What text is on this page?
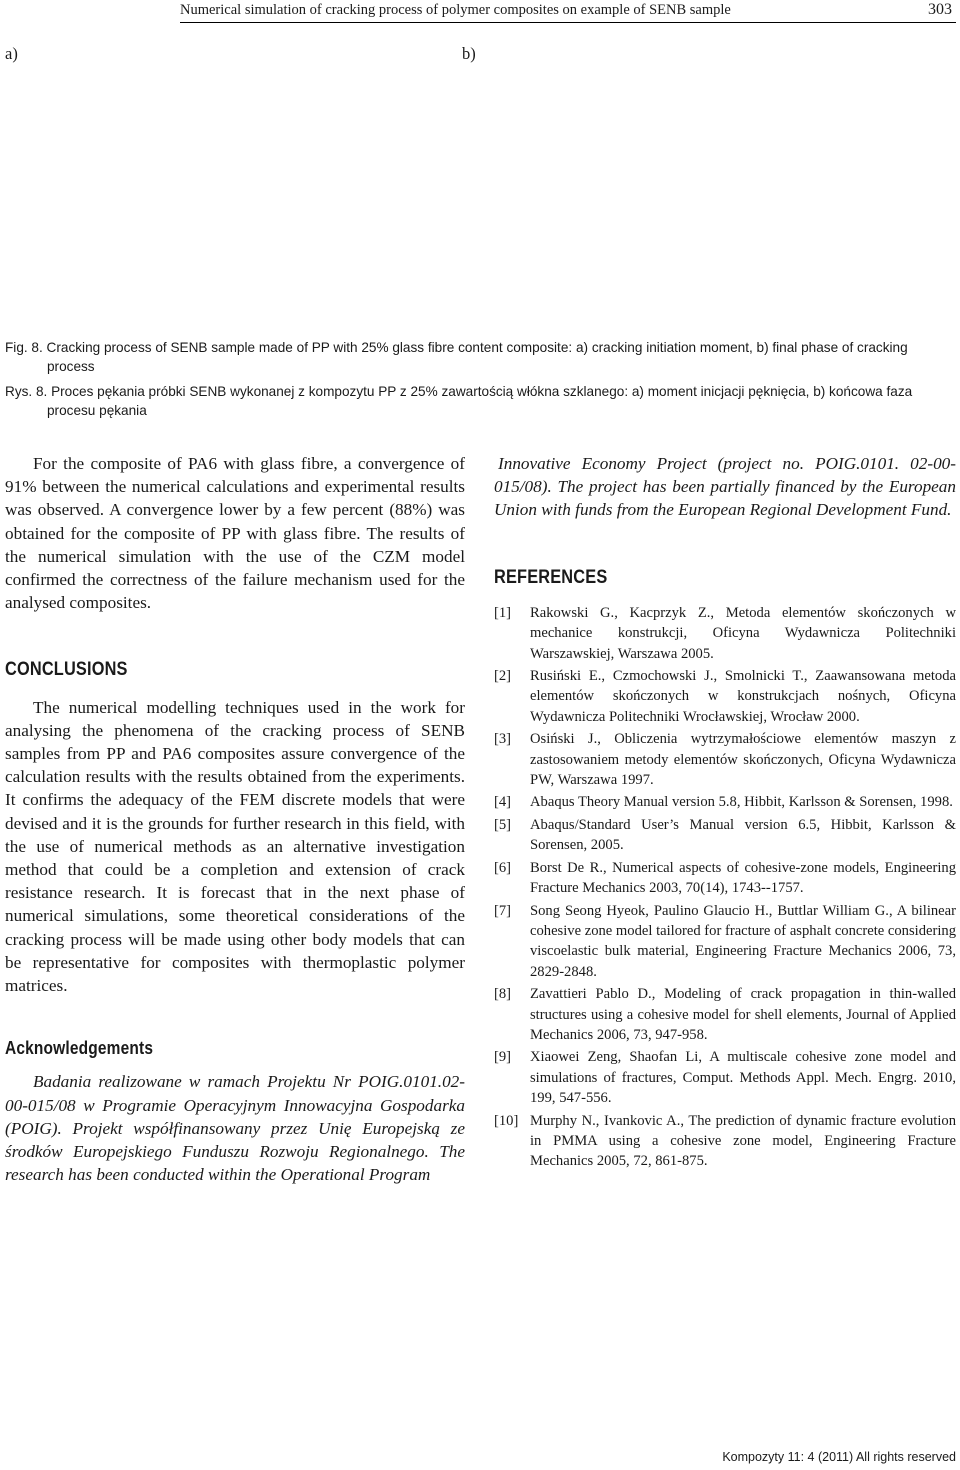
Numerical simulation of cracking process of polymer composites on example of SENB sample	303
a)	b)
Fig. 8. Cracking process of SENB sample made of PP with 25% glass fibre content composite: a) cracking initiation moment, b) final phase of cracking

process
Rys. 8. Proces pękania próbki SENB wykonanej z kompozytu PP z 25% zawartością włókna szklanego: a) moment inicjacji pęknięcia, b) końcowa faza

procesu pękania

For the composite of PA6 with glass fibre, a convergence of 91% between the numerical calculations and experimental results was observed. A convergence lower by a few percent (88%) was obtained for the composite of PP with glass fibre. The results of the numerical simulation with the use of the CZM model confirmed the correctness of the failure mechanism used for the analysed composites.

CONCLUSIONS

The numerical modelling techniques used in the work for analysing the phenomena of the cracking process of SENB samples from PP and PA6 composites assure convergence of the calculation results with the results obtained from the experiments. It confirms the adequacy of the FEM discrete models that were devised and it is the grounds for further research in this field, with the use of numerical methods as an alternative investigation method that could be a completion and extension of crack resistance research. It is forecast that in the next phase of numerical simulations, some theoretical considerations of the cracking process will be made using other body models that can be representative for composites with thermoplastic polymer matrices.

Acknowledgements

Badania realizowane w ramach Projektu Nr POIG.0101.02-00-015/08 w Programie Operacyjnym Innowacyjna Gospodarka (POIG). Projekt współfinansowany przez Unię Europejską ze środków Europejskiego Funduszu Rozwoju Regionalnego. The research has been conducted within the Operational Program

Innovative Economy Project (project no. POIG.0101. 02-00-015/08). The project has been partially financed by the European Union with funds from the European Regional Development Fund.

REFERENCES
[1] Rakowski G., Kacprzyk Z., Metoda elementów skończonych w mechanice konstrukcji, Oficyna Wydawnicza Politechniki Warszawskiej, Warszawa 2005.
[2] Rusiński E., Czmochowski J., Smolnicki T., Zaawansowana metoda elementów skończonych w konstrukcjach nośnych, Oficyna Wydawnicza Politechniki Wrocławskiej, Wrocław 2000.
[3] Osiński J., Obliczenia wytrzymałościowe elementów maszyn z zastosowaniem metody elementów skończonych, Oficyna Wydawnicza PW, Warszawa 1997.
[4] Abaqus Theory Manual version 5.8, Hibbit, Karlsson & Sorensen, 1998.
[5] Abaqus/Standard User’s Manual version 6.5, Hibbit, Karlsson & Sorensen, 2005.
[6] Borst De R., Numerical aspects of cohesive-zone models, Engineering Fracture Mechanics 2003, 70(14), 1743--1757.
[7] Song Seong Hyeok, Paulino Glaucio H., Buttlar William G., A bilinear cohesive zone model tailored for fracture of asphalt concrete considering viscoelastic bulk material, Engineering Fracture Mechanics 2006, 73, 2829-2848.
[8] Zavattieri Pablo D., Modeling of crack propagation in thin-walled structures using a cohesive model for shell elements, Journal of Applied Mechanics 2006, 73, 947-958.
[9] Xiaowei Zeng, Shaofan Li, A multiscale cohesive zone model and simulations of fractures, Comput. Methods Appl. Mech. Engrg. 2010, 199, 547-556.
[10] Murphy N., Ivankovic A., The prediction of dynamic fracture evolution in PMMA using a cohesive zone model, Engineering Fracture Mechanics 2005, 72, 861-875.
Kompozyty 11: 4 (2011) All rights reserved
